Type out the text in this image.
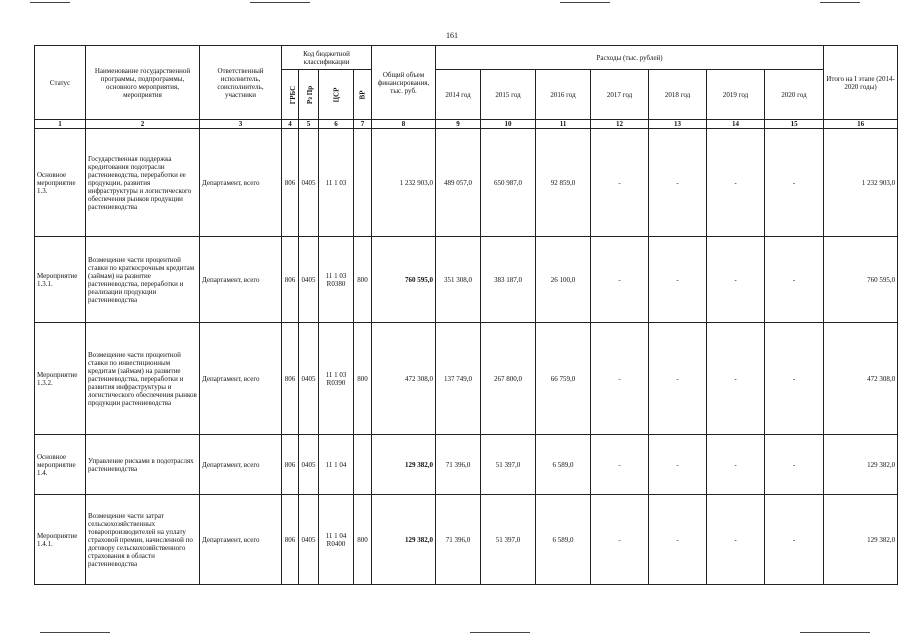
161
Статус	Наименование государственной программы, подпрограммы, основного мероприятия, мероприятия	Ответственный исполнитель, соисполнитель, участники	Код бюджетной классификации				Общий объем финансирования, тыс. руб.	Расходы (тыс. рублей)							Итого на I этапе (2014-2020 годы)
			ГРБС	Рз Пр	ЦСР	ВР		2014 год	2015 год	2016 год	2017 год	2018 год	2019 год	2020 год	
1	2	3	4	5	6	7	8	9	10	11	12	13	14	15	16
Основное мероприятие 1.3.	Государственная поддержка кредитования подотрасли растениеводства, переработки ее продукции, развития инфраструктуры и логистического обеспечения рынков продукции растениеводства	Департамент, всего	806	0405	11 1 03		1 232 903,0	489 057,0	650 987,0	92 859,0	-	-	-	-	1 232 903,0
Мероприятие 1.3.1.	Возмещение части процентной ставки по краткосрочным кредитам (займам) на развитие растениеводства, переработки и реализации продукции растениеводства	Департамент, всего	806	0405	11 1 03 R0380	800	760 595,0	351 308,0	383 187,0	26 100,0	-	-	-	-	760 595,0
Мероприятие 1.3.2.	Возмещение части процентной ставки по инвестиционным кредитам (займам) на развитие растениеводства, переработки и развития инфраструктуры и логистического обеспечения рынков продукции растениеводства	Департамент, всего	806	0405	11 1 03 R0390	800	472 308,0	137 749,0	267 800,0	66 759,0	-	-	-	-	472 308,0
Основное мероприятие 1.4.	Управление рисками в подотраслях растениеводства	Департамент, всего	806	0405	11 1 04		129 382,0	71 396,0	51 397,0	6 589,0	-	-	-	-	129 382,0
Мероприятие 1.4.1.	Возмещение части затрат сельскохозяйственных товаропроизводителей на уплату страховой премии, начисленной по договору сельскохозяйственного страхования в области растениеводства	Департамент, всего	806	0405	11 1 04 R0400	800	129 382,0	71 396,0	51 397,0	6 589,0	-	-	-	-	129 382,0
